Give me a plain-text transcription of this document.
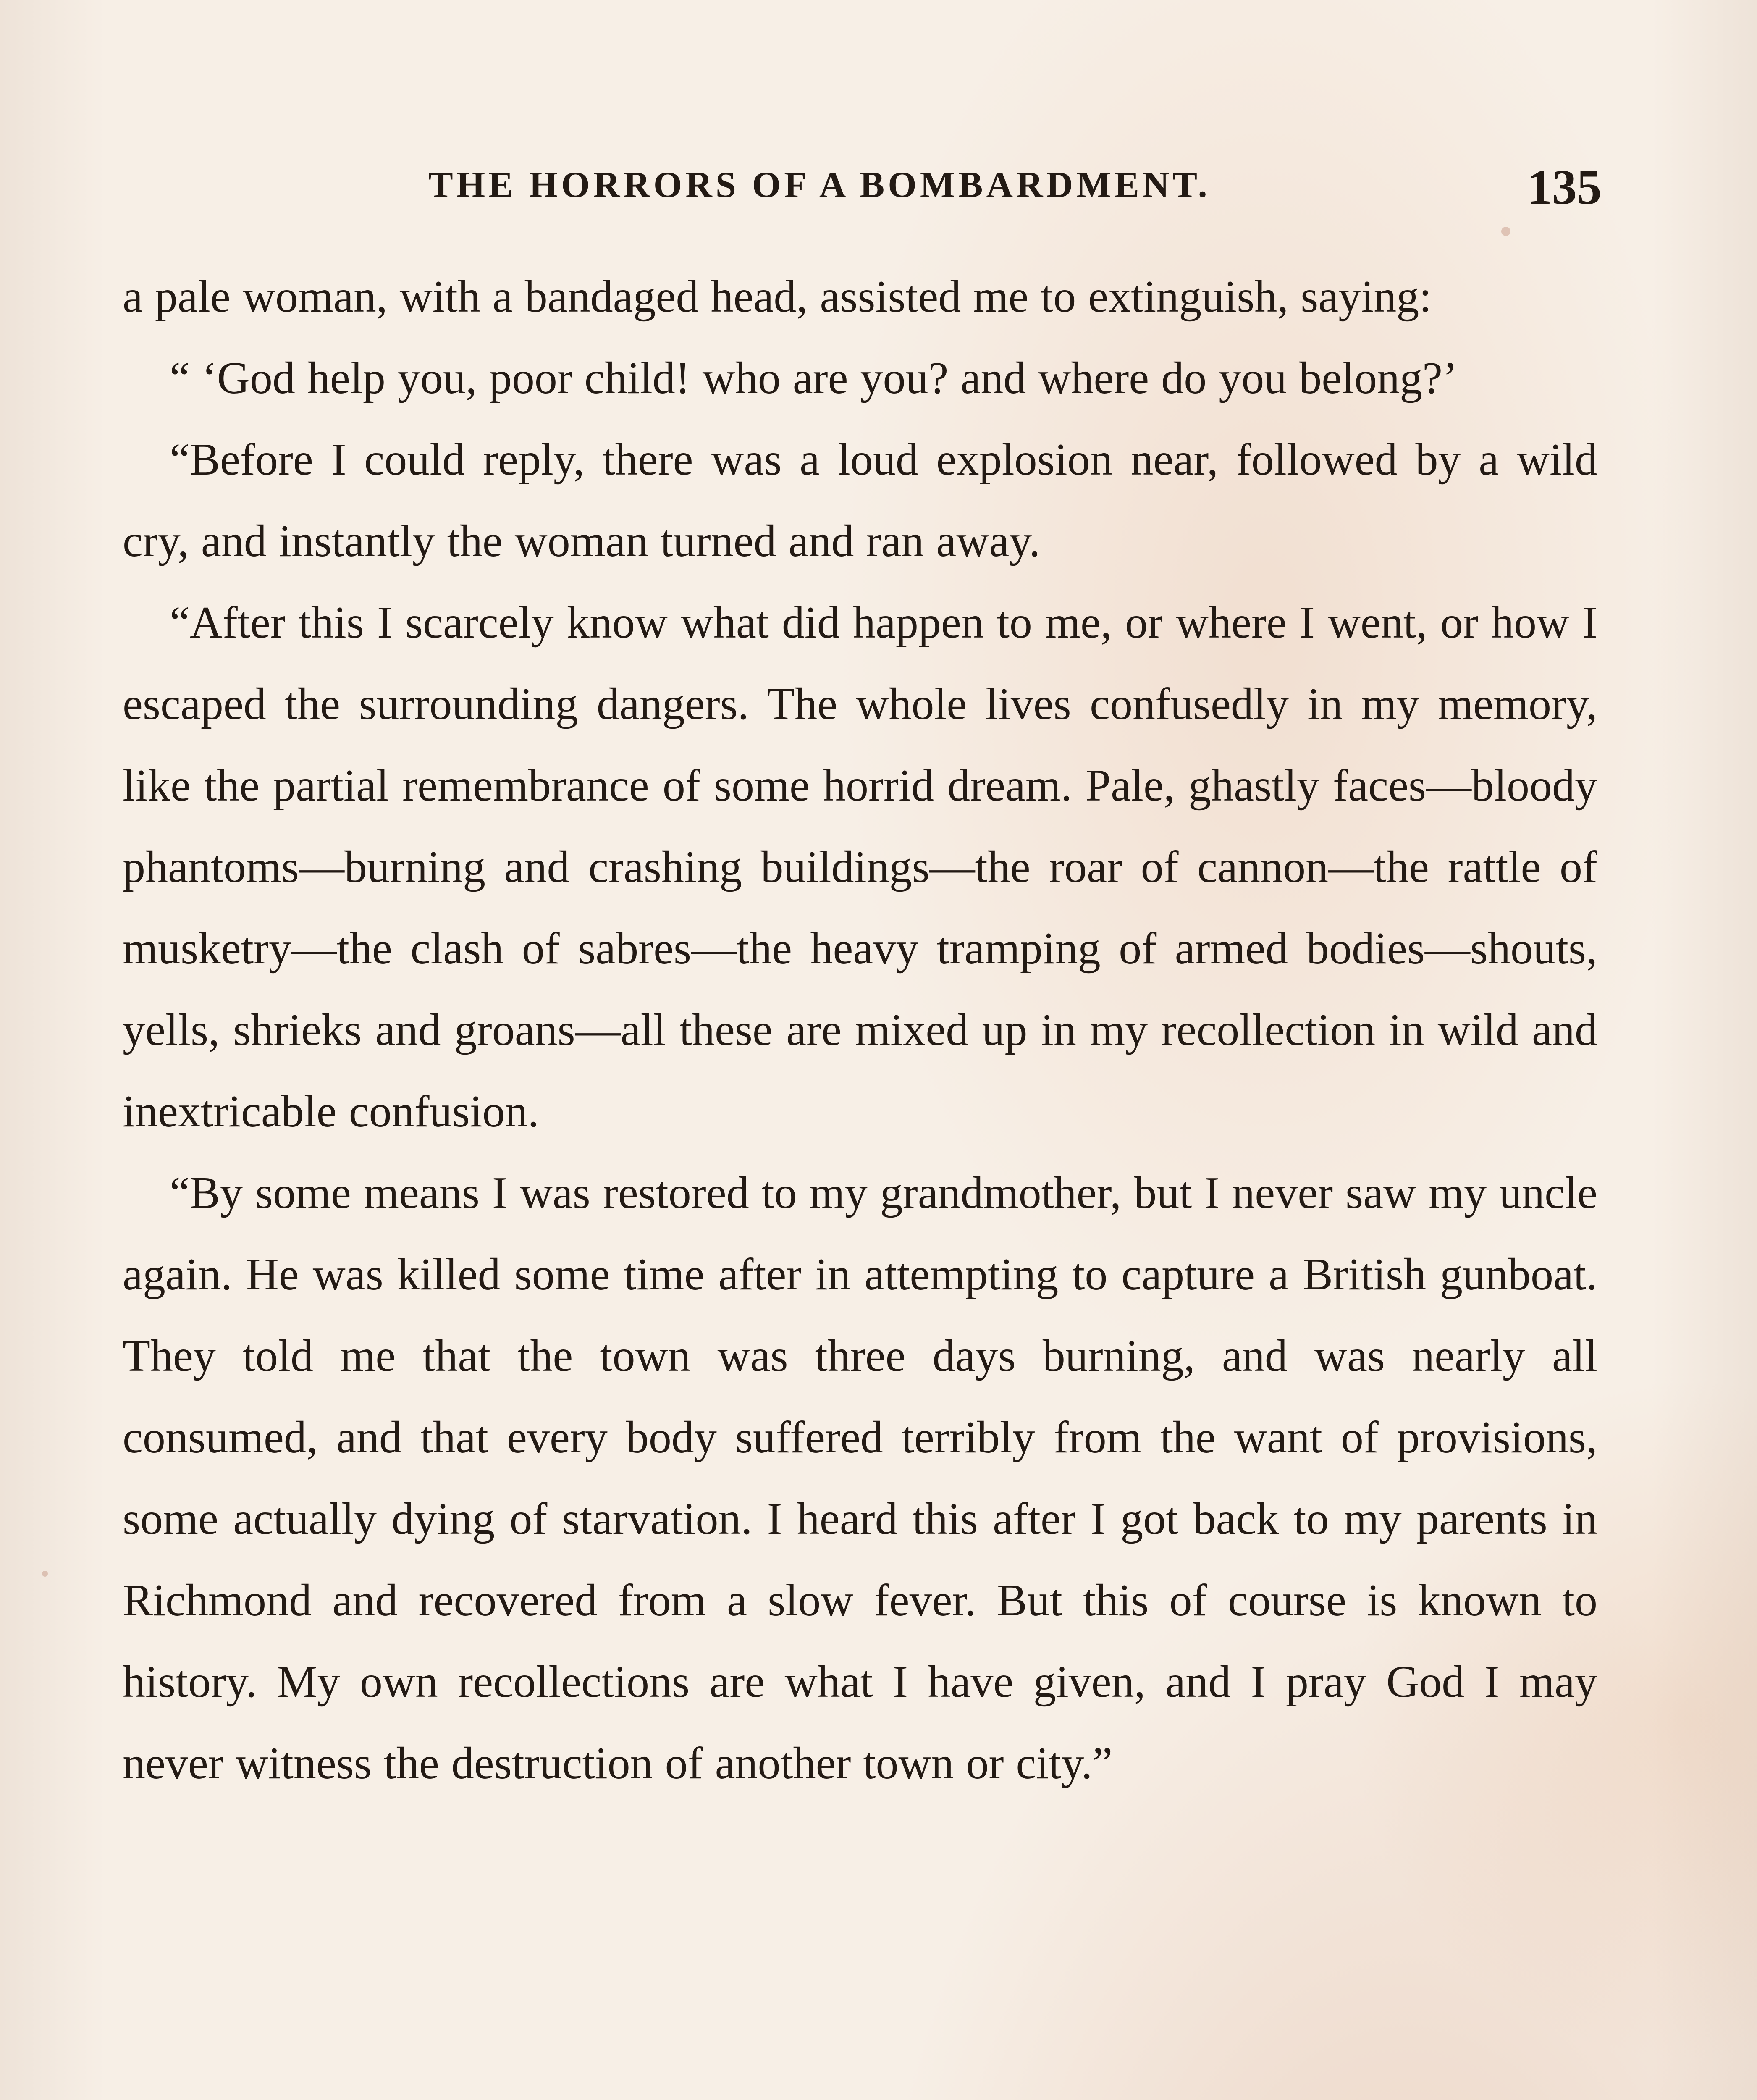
THE HORRORS OF A BOMBARDMENT.	135

a pale woman, with a bandaged head, assisted me to extinguish, saying:

“ ‘God help you, poor child! who are you? and where do you belong?’

“Before I could reply, there was a loud explosion near, followed by a wild cry, and instantly the woman turned and ran away.

“After this I scarcely know what did happen to me, or where I went, or how I escaped the surrounding dangers. The whole lives confusedly in my memory, like the partial remembrance of some horrid dream. Pale, ghastly faces—bloody phantoms—burning and crashing buildings—the roar of cannon—the rattle of musketry—the clash of sabres—the heavy tramping of armed bodies—shouts, yells, shrieks and groans—all these are mixed up in my recollection in wild and inextricable confusion.

“By some means I was restored to my grandmother, but I never saw my uncle again. He was killed some time after in attempting to capture a British gunboat. They told me that the town was three days burning, and was nearly all consumed, and that every body suffered terribly from the want of provisions, some actually dying of starvation. I heard this after I got back to my parents in Richmond and recovered from a slow fever. But this of course is known to history. My own recollections are what I have given, and I pray God I may never witness the destruction of another town or city.”
